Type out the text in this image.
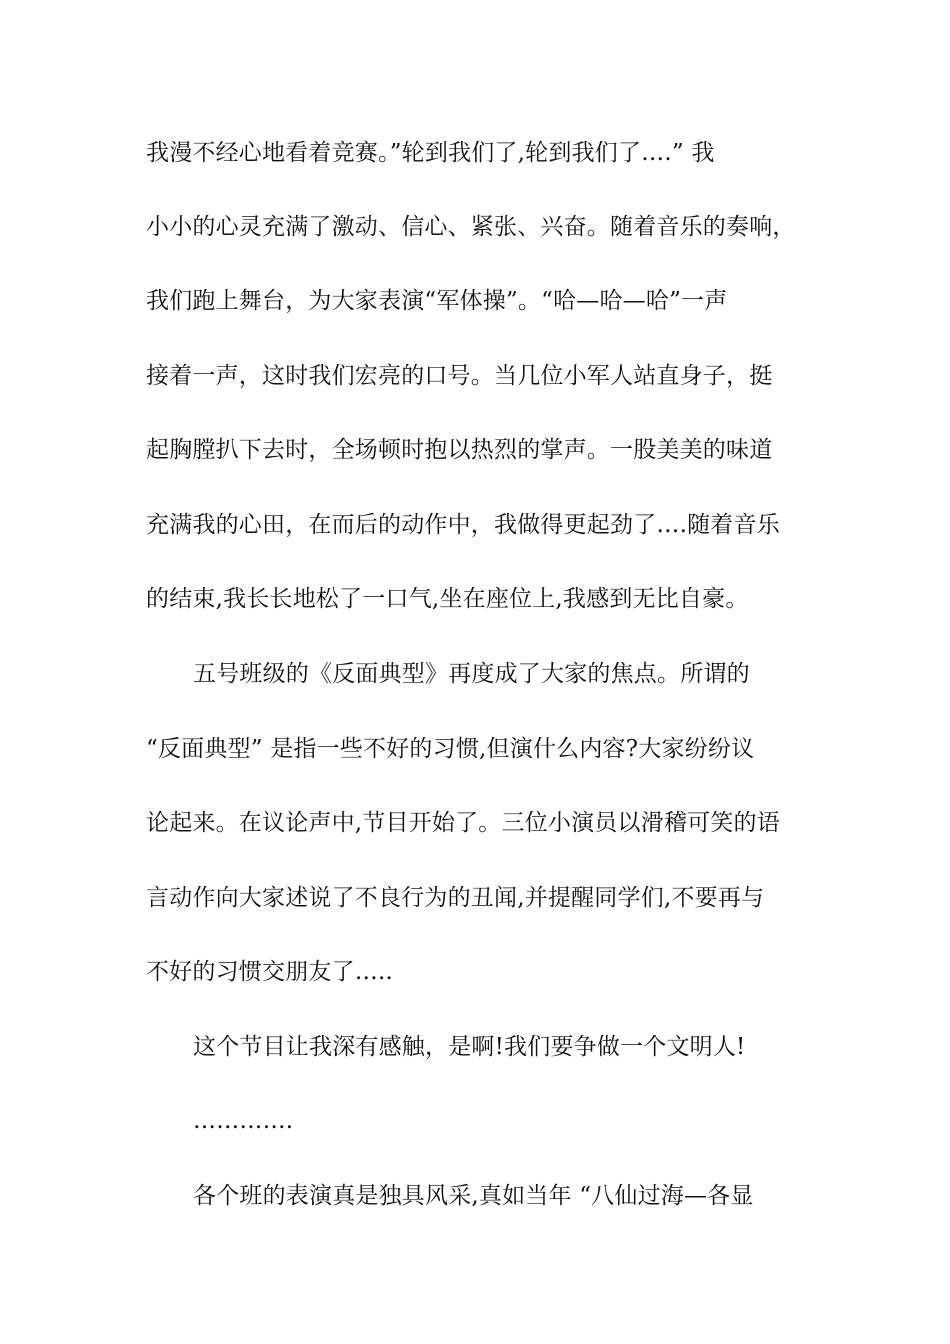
我漫不经心地看着竞赛。”轮到我们了,轮到我们了….” 我
小小的心灵充满了激动、信心、紧张、兴奋。随着音乐的奏响，
我们跑上舞台，为大家表演“军体操”。“哈—哈—哈”一声
接着一声，这时我们宏亮的口号。当几位小军人站直身子，挺
起胸膛扒下去时，全场顿时抱以热烈的掌声。一股美美的味道
充满我的心田，在而后的动作中，我做得更起劲了….随着音乐
的结束,我长长地松了一口气,坐在座位上,我感到无比自豪。
五号班级的《反面典型》再度成了大家的焦点。所谓的
“反面典型” 是指一些不好的习惯,但演什么内容?大家纷纷议
论起来。在议论声中,节目开始了。三位小演员以滑稽可笑的语
言动作向大家述说了不良行为的丑闻,并提醒同学们,不要再与
不好的习惯交朋友了…..
这个节目让我深有感触，是啊!我们要争做一个文明人!
………….
各个班的表演真是独具风采,真如当年 “八仙过海—各显
